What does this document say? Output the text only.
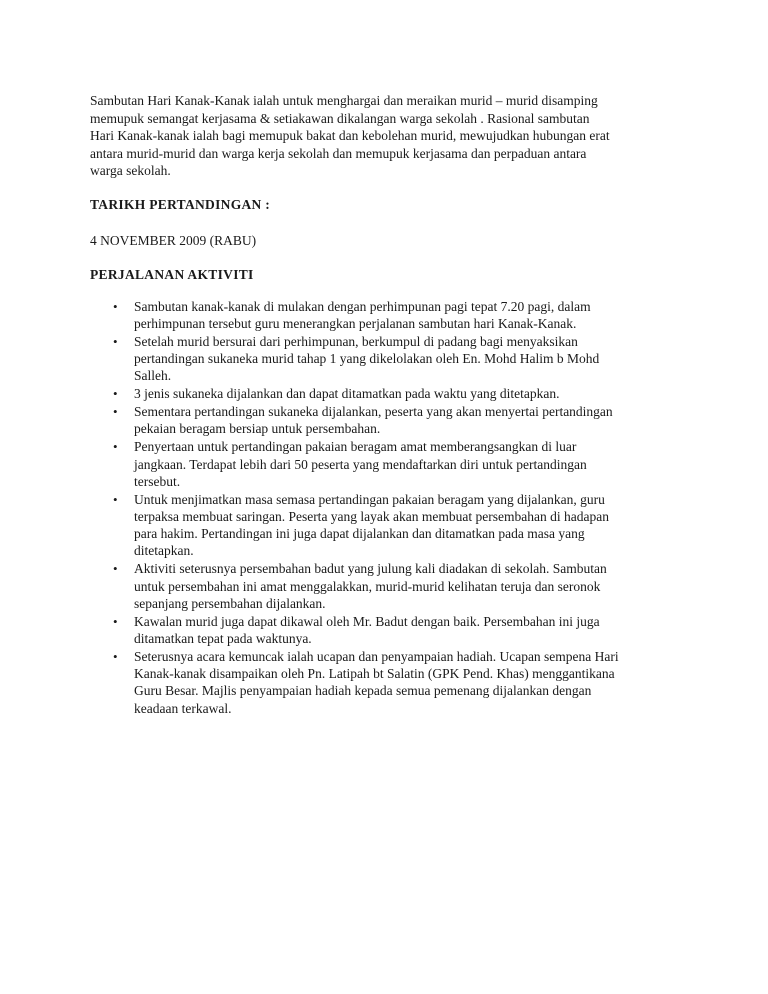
Sambutan Hari Kanak-Kanak ialah untuk menghargai dan meraikan murid – murid disamping
memupuk semangat kerjasama & setiakawan dikalangan warga sekolah . Rasional sambutan
Hari Kanak-kanak ialah bagi memupuk bakat dan kebolehan murid, mewujudkan hubungan erat
antara murid-murid dan warga kerja sekolah dan memupuk kerjasama dan perpaduan antara
warga sekolah.

TARIKH PERTANDINGAN :
4 NOVEMBER 2009 (RABU)
PERJALANAN AKTIVITI
• Sambutan kanak-kanak di mulakan dengan perhimpunan pagi tepat 7.20 pagi, dalam
perhimpunan tersebut guru menerangkan perjalanan sambutan hari Kanak-Kanak.
• Setelah murid bersurai dari perhimpunan, berkumpul di padang bagi menyaksikan
pertandingan sukaneka murid tahap 1 yang dikelolakan oleh En. Mohd Halim b Mohd
Salleh.
• 3 jenis sukaneka dijalankan dan dapat ditamatkan pada waktu yang ditetapkan.
• Sementara pertandingan sukaneka dijalankan, peserta yang akan menyertai pertandingan
pekaian beragam bersiap untuk persembahan.
• Penyertaan untuk pertandingan pakaian beragam amat memberangsangkan di luar
jangkaan. Terdapat lebih dari 50 peserta yang mendaftarkan diri untuk pertandingan
tersebut.
• Untuk menjimatkan masa semasa pertandingan pakaian beragam yang dijalankan, guru
terpaksa membuat saringan. Peserta yang layak akan membuat persembahan di hadapan
para hakim. Pertandingan ini juga dapat dijalankan dan ditamatkan pada masa yang
ditetapkan.
• Aktiviti seterusnya persembahan badut yang julung kali diadakan di sekolah. Sambutan
untuk persembahan ini amat menggalakkan, murid-murid kelihatan teruja dan seronok
sepanjang persembahan dijalankan.
• Kawalan murid juga dapat dikawal oleh Mr. Badut dengan baik. Persembahan ini juga
ditamatkan tepat pada waktunya.
• Seterusnya acara kemuncak ialah ucapan dan penyampaian hadiah. Ucapan sempena Hari
Kanak-kanak disampaikan oleh Pn. Latipah bt Salatin (GPK Pend. Khas) menggantikana
Guru Besar. Majlis penyampaian hadiah kepada semua pemenang dijalankan dengan
keadaan terkawal.
